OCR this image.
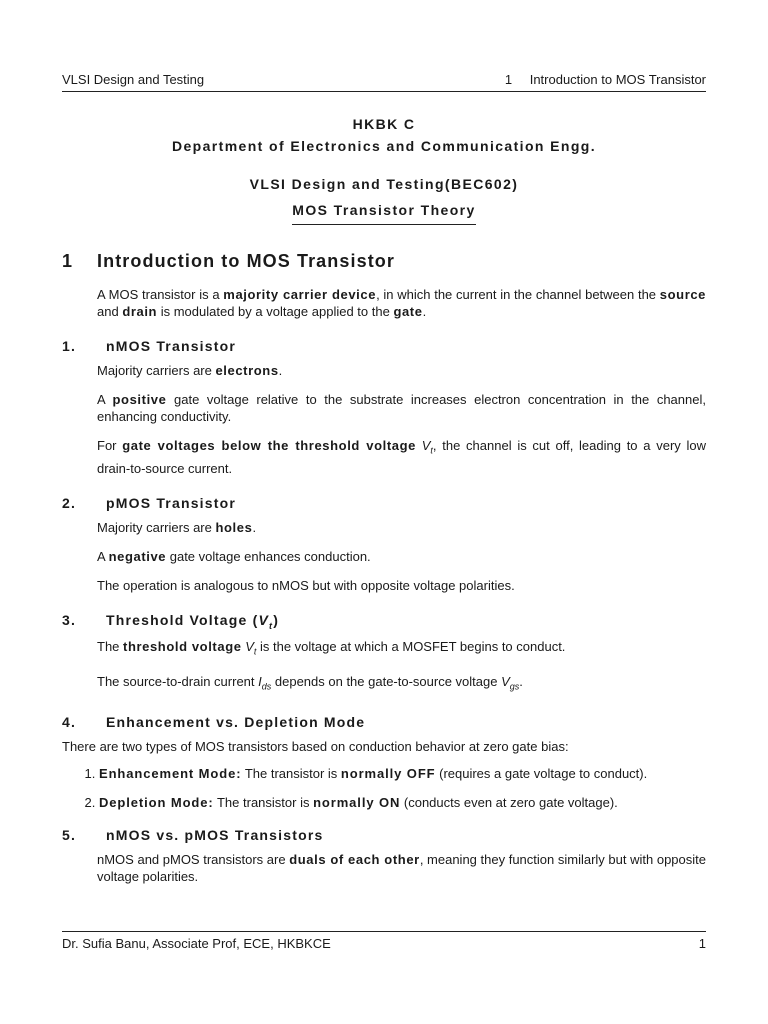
VLSI Design and Testing	1 Introduction to MOS Transistor
HKBK C
Department of Electronics and Communication Engg.
VLSI Design and Testing(BEC602)
MOS Transistor Theory
1	Introduction to MOS Transistor

A MOS transistor is a majority carrier device, in which the current in the channel between the source and drain is modulated by a voltage applied to the gate.

1.	nMOS Transistor

Majority carriers are electrons.

A positive gate voltage relative to the substrate increases electron concentration in the channel, enhancing conductivity.

For gate voltages below the threshold voltage $V_t$, the channel is cut off, leading to a very low drain-to-source current.

2.	pMOS Transistor

Majority carriers are holes.

A negative gate voltage enhances conduction.

The operation is analogous to nMOS but with opposite voltage polarities.

3.	Threshold Voltage $(V_t)$

The threshold voltage $V_t$ is the voltage at which a MOSFET begins to conduct.

The source-to-drain current $I_{ds}$ depends on the gate-to-source voltage $V_{gs}$.

4.	Enhancement vs. Depletion Mode

There are two types of MOS transistors based on conduction behavior at zero gate bias:

1. Enhancement Mode: The transistor is normally OFF (requires a gate voltage to conduct).
2. Depletion Mode: The transistor is normally ON (conducts even at zero gate voltage).
5.	nMOS vs. pMOS Transistors

nMOS and pMOS transistors are duals of each other, meaning they function similarly but with opposite voltage polarities.

Dr. Sufia Banu, Associate Prof, ECE, HKBKCE	1
